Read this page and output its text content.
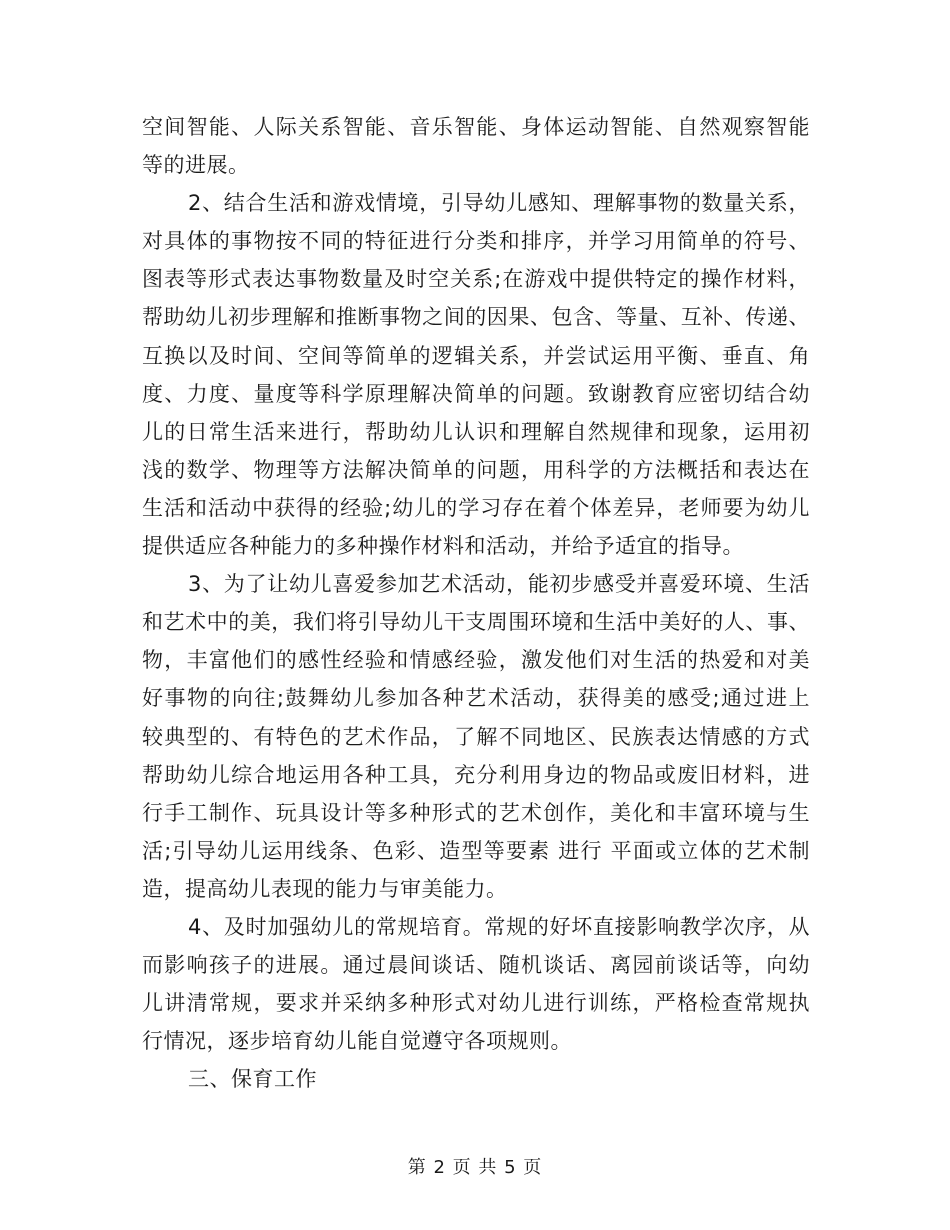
空间智能、人际关系智能、音乐智能、身体运动智能、自然观察智能
等的进展。
2、结合生活和游戏情境，引导幼儿感知、理解事物的数量关系，
对具体的事物按不同的特征进行分类和排序，并学习用简单的符号、
图表等形式表达事物数量及时空关系;在游戏中提供特定的操作材料，
帮助幼儿初步理解和推断事物之间的因果、包含、等量、互补、传递、
互换以及时间、空间等简单的逻辑关系，并尝试运用平衡、垂直、角
度、力度、量度等科学原理解决简单的问题。致谢教育应密切结合幼
儿的日常生活来进行，帮助幼儿认识和理解自然规律和现象，运用初
浅的数学、物理等方法解决简单的问题，用科学的方法概括和表达在
生活和活动中获得的经验;幼儿的学习存在着个体差异，老师要为幼儿
提供适应各种能力的多种操作材料和活动，并给予适宜的指导。
3、为了让幼儿喜爱参加艺术活动，能初步感受并喜爱环境、生活
和艺术中的美，我们将引导幼儿干支周围环境和生活中美好的人、事、
物，丰富他们的感性经验和情感经验，激发他们对生活的热爱和对美
好事物的向往;鼓舞幼儿参加各种艺术活动，获得美的感受;通过进上
较典型的、有特色的艺术作品，了解不同地区、民族表达情感的方式
帮助幼儿综合地运用各种工具，充分利用身边的物品或废旧材料，进
行手工制作、玩具设计等多种形式的艺术创作，美化和丰富环境与生
活;引导幼儿运用线条、色彩、造型等要素 进行 平面或立体的艺术制
造，提高幼儿表现的能力与审美能力。
4、及时加强幼儿的常规培育。常规的好坏直接影响教学次序，从
而影响孩子的进展。通过晨间谈话、随机谈话、离园前谈话等，向幼
儿讲清常规，要求并采纳多种形式对幼儿进行训练，严格检查常规执
行情况，逐步培育幼儿能自觉遵守各项规则。
三、保育工作
第 2 页 共 5 页
